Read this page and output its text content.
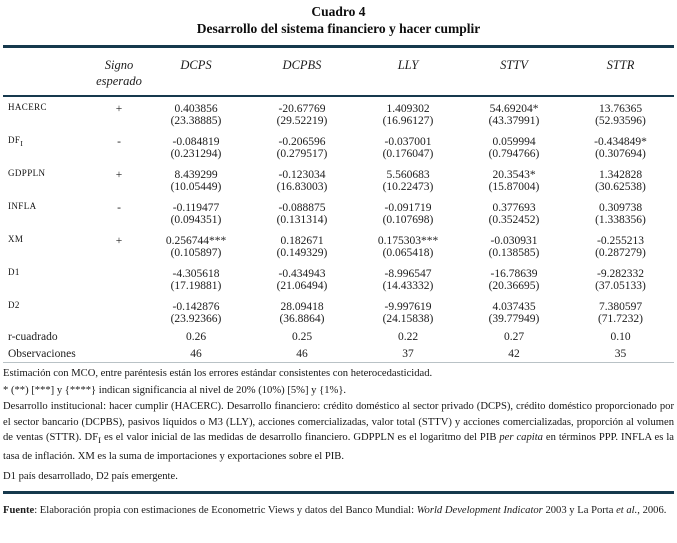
Cuadro 4
Desarrollo del sistema financiero y hacer cumplir
	Signo esperado	DCPS	DCPBS	LLY	STTV	STTR
HACERC	+	0.403856	-20.67769	1.409302	54.69204*	13.76365
		(23.38885)	(29.52219)	(16.96127)	(43.37991)	(52.93596)
$DF_I$	-	-0.084819	-0.206596	-0.037001	0.059994	-0.434849*
		(0.231294)	(0.279517)	(0.176047)	(0.794766)	(0.307694)
GDPPLN	+	8.439299	-0.123034	5.560683	20.3543*	1.342828
		(10.05449)	(16.83003)	(10.22473)	(15.87004)	(30.62538)
INFLA	-	-0.119477	-0.088875	-0.091719	0.377693	0.309738
		(0.094351)	(0.131314)	(0.107698)	(0.352452)	(1.338356)
XM	+	0.256744***	0.182671	0.175303***	-0.030931	-0.255213
		(0.105897)	(0.149329)	(0.065418)	(0.138585)	(0.287279)
D1		-4.305618	-0.434943	-8.996547	-16.78639	-9.282332
		(17.19881)	(21.06494)	(14.43332)	(20.36695)	(37.05133)
D2		-0.142876	28.09418	-9.997619	4.037435	7.380597
		(23.92366)	(36.8864)	(24.15838)	(39.77949)	(71.7232)
r-cuadrado		0.26	0.25	0.22	0.27	0.10
Observaciones		46	46	37	42	35
Estimación con MCO, entre paréntesis están los errores estándar consistentes con heterocedasticidad.
* (**) [***] y {****} indican significancia al nivel de 20% (10%) [5%] y {1%}.
Desarrollo institucional: hacer cumplir (HACERC). Desarrollo financiero: crédito doméstico al sector privado (DCPS), crédito doméstico proporcionado por el sector bancario (DCPBS), pasivos líquidos o M3 (LLY), acciones comercializadas, valor total (STTV) y acciones comercializadas, proporción al volumen de ventas (STTR). $DF_I$ es el valor inicial de las medidas de desarrollo financiero. GDPPLN es el logaritmo del PIB per capita en términos PPP. INFLA es la tasa de inflación. XM es la suma de importaciones y exportaciones sobre el PIB.
D1 país desarrollado, D2 país emergente.
Fuente: Elaboración propia con estimaciones de Econometric Views y datos del Banco Mundial: World Development Indicator 2003 y La Porta et al., 2006.
